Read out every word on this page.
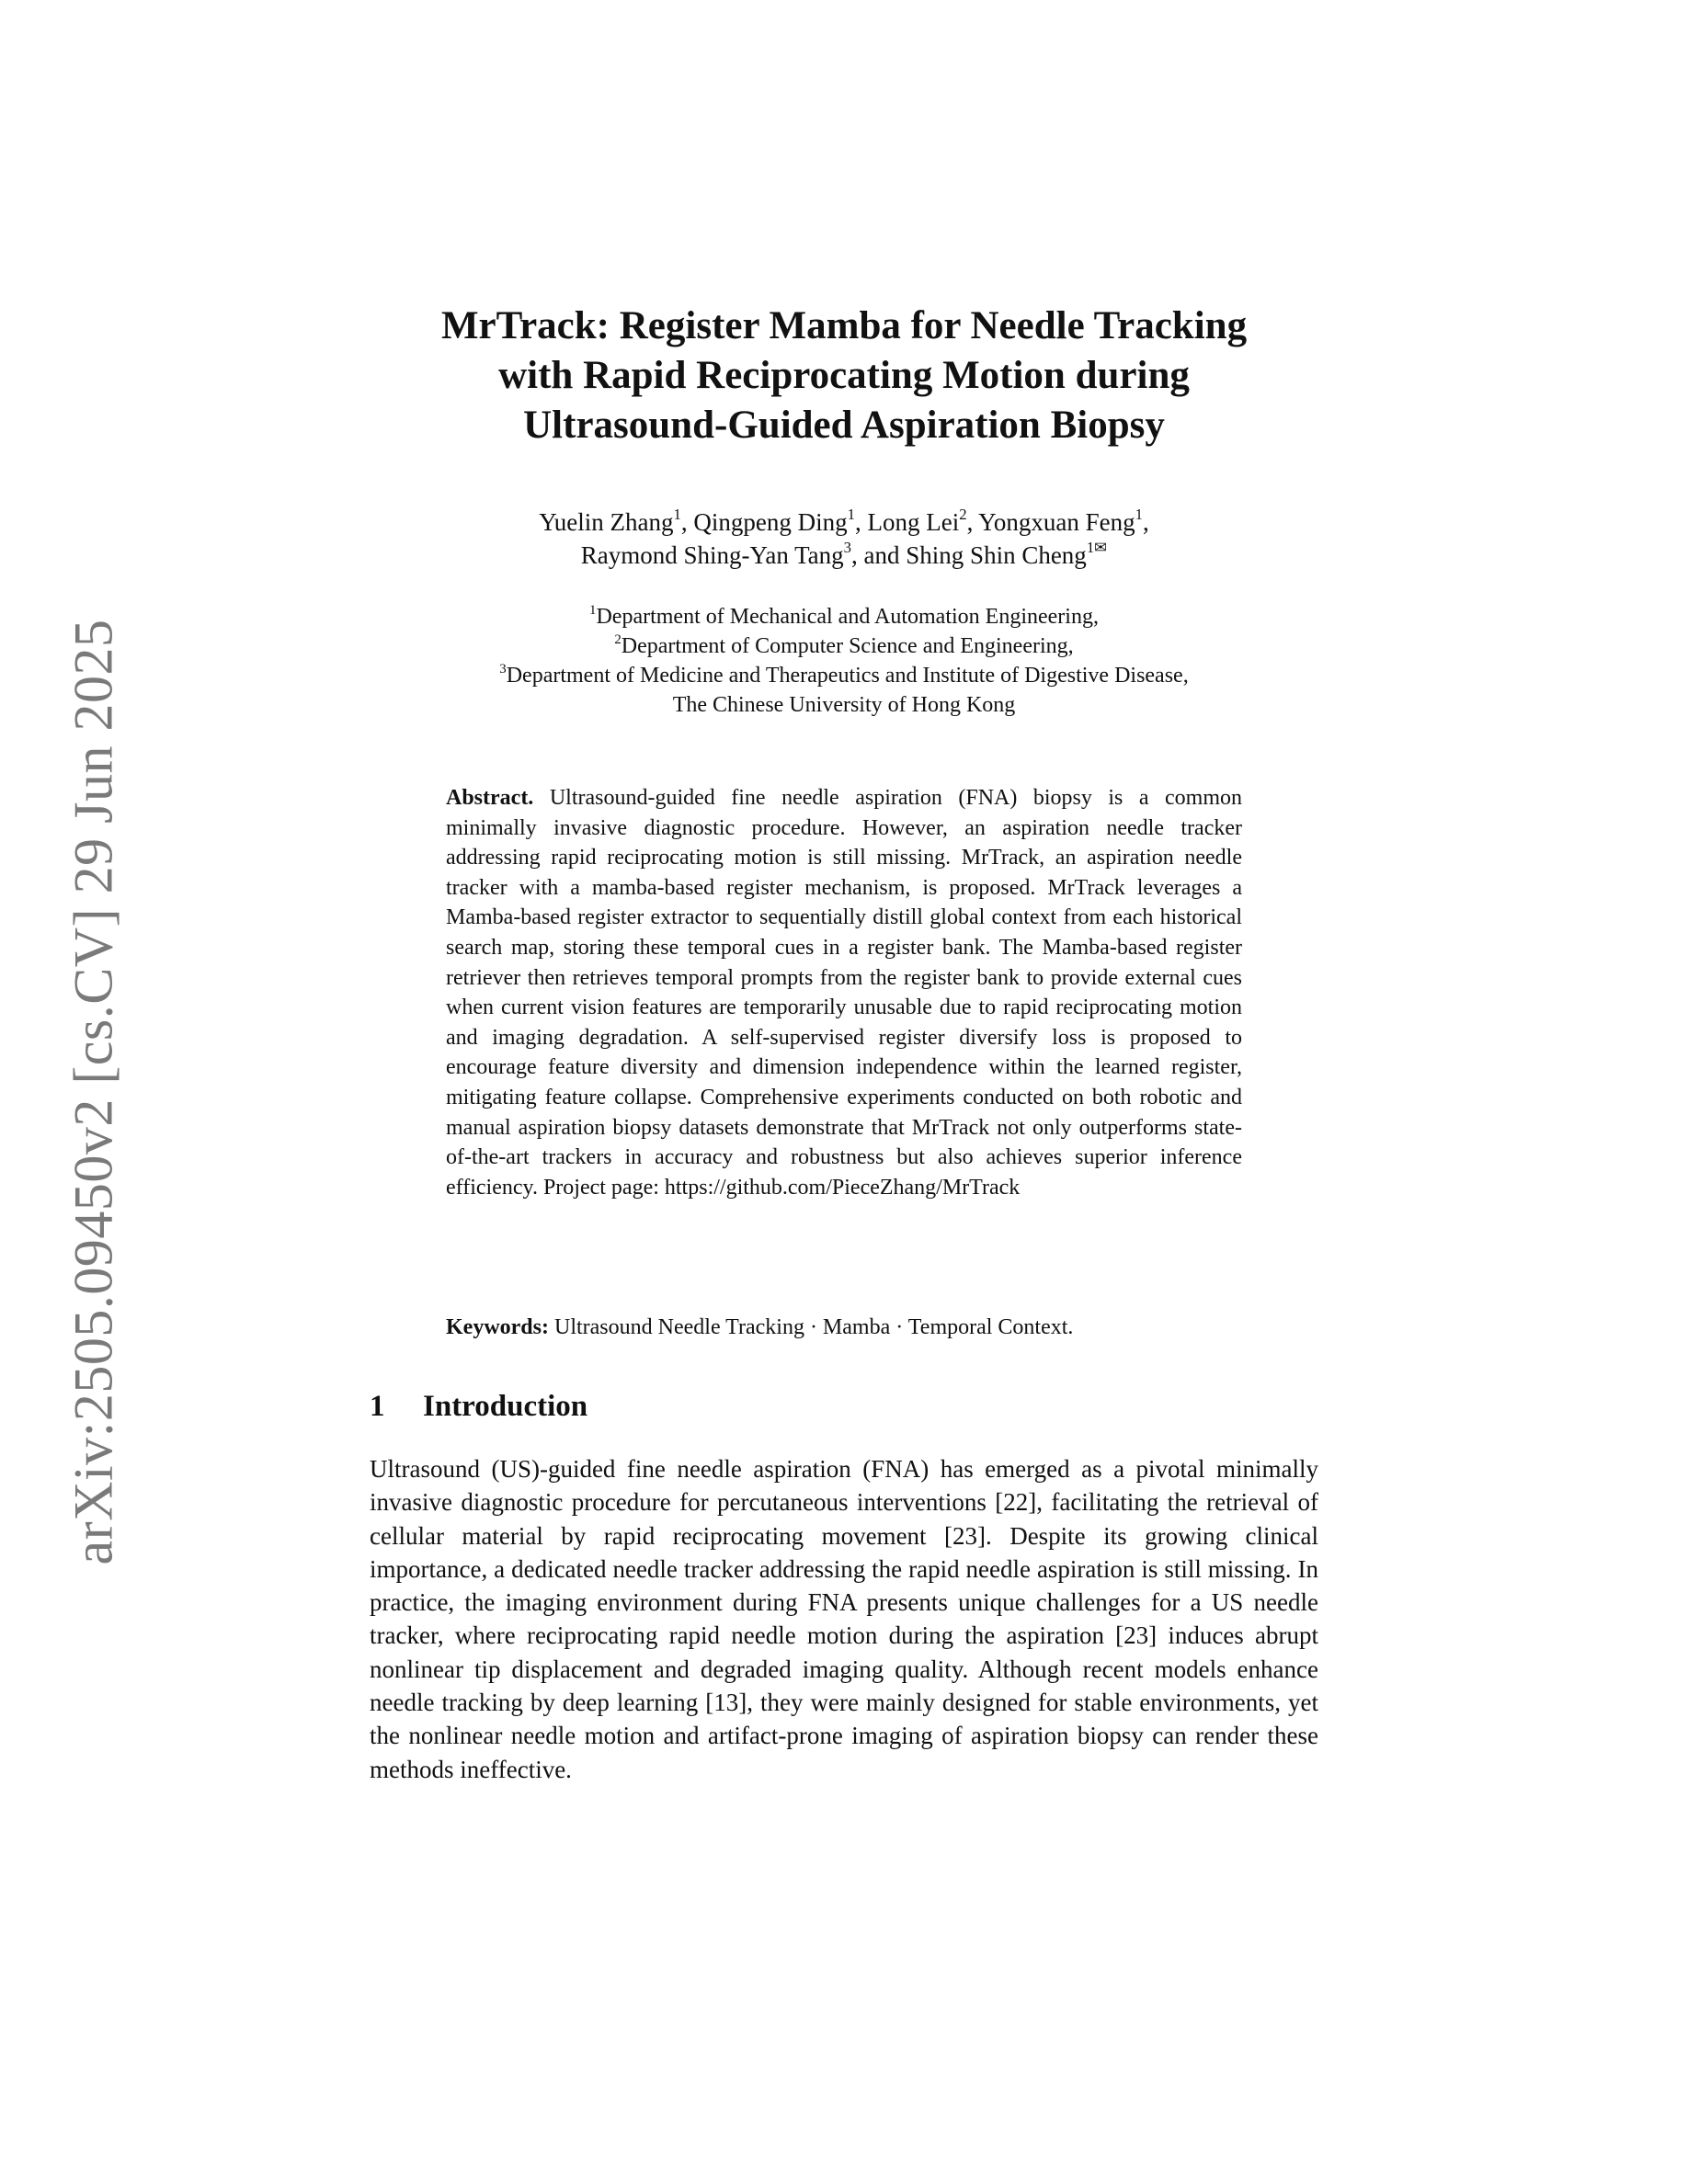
arXiv:2505.09450v2 [cs.CV] 29 Jun 2025
MrTrack: Register Mamba for Needle Tracking
with Rapid Reciprocating Motion during
Ultrasound-Guided Aspiration Biopsy
Yuelin Zhang$^1$, Qingpeng Ding$^1$, Long Lei$^2$, Yongxuan Feng$^1$,
Raymond Shing-Yan Tang$^3$, and Shing Shin Cheng$^{1✉}$
$^1$Department of Mechanical and Automation Engineering,
$^2$Department of Computer Science and Engineering,
$^3$Department of Medicine and Therapeutics and Institute of Digestive Disease,
The Chinese University of Hong Kong
Abstract. Ultrasound-guided fine needle aspiration (FNA) biopsy is a common minimally invasive diagnostic procedure. However, an aspiration needle tracker addressing rapid reciprocating motion is still missing. MrTrack, an aspiration needle tracker with a mamba-based register mechanism, is proposed. MrTrack leverages a Mamba-based register extractor to sequentially distill global context from each historical search map, storing these temporal cues in a register bank. The Mamba-based register retriever then retrieves temporal prompts from the register bank to provide external cues when current vision features are temporarily unusable due to rapid reciprocating motion and imaging degradation. A self-supervised register diversify loss is proposed to encourage feature diversity and dimension independence within the learned register, mitigating feature collapse. Comprehensive experiments conducted on both robotic and manual aspiration biopsy datasets demonstrate that MrTrack not only outperforms state-of-the-art trackers in accuracy and robustness but also achieves superior inference efficiency. Project page: https://github.com/PieceZhang/MrTrack
Keywords: Ultrasound Needle Tracking · Mamba · Temporal Context.
1 Introduction

Ultrasound (US)-guided fine needle aspiration (FNA) has emerged as a pivotal minimally invasive diagnostic procedure for percutaneous interventions [22], facilitating the retrieval of cellular material by rapid reciprocating movement [23]. Despite its growing clinical importance, a dedicated needle tracker addressing the rapid needle aspiration is still missing. In practice, the imaging environment during FNA presents unique challenges for a US needle tracker, where reciprocating rapid needle motion during the aspiration [23] induces abrupt nonlinear tip displacement and degraded imaging quality. Although recent models enhance needle tracking by deep learning [13], they were mainly designed for stable environments, yet the nonlinear needle motion and artifact-prone imaging of aspiration biopsy can render these methods ineffective.
